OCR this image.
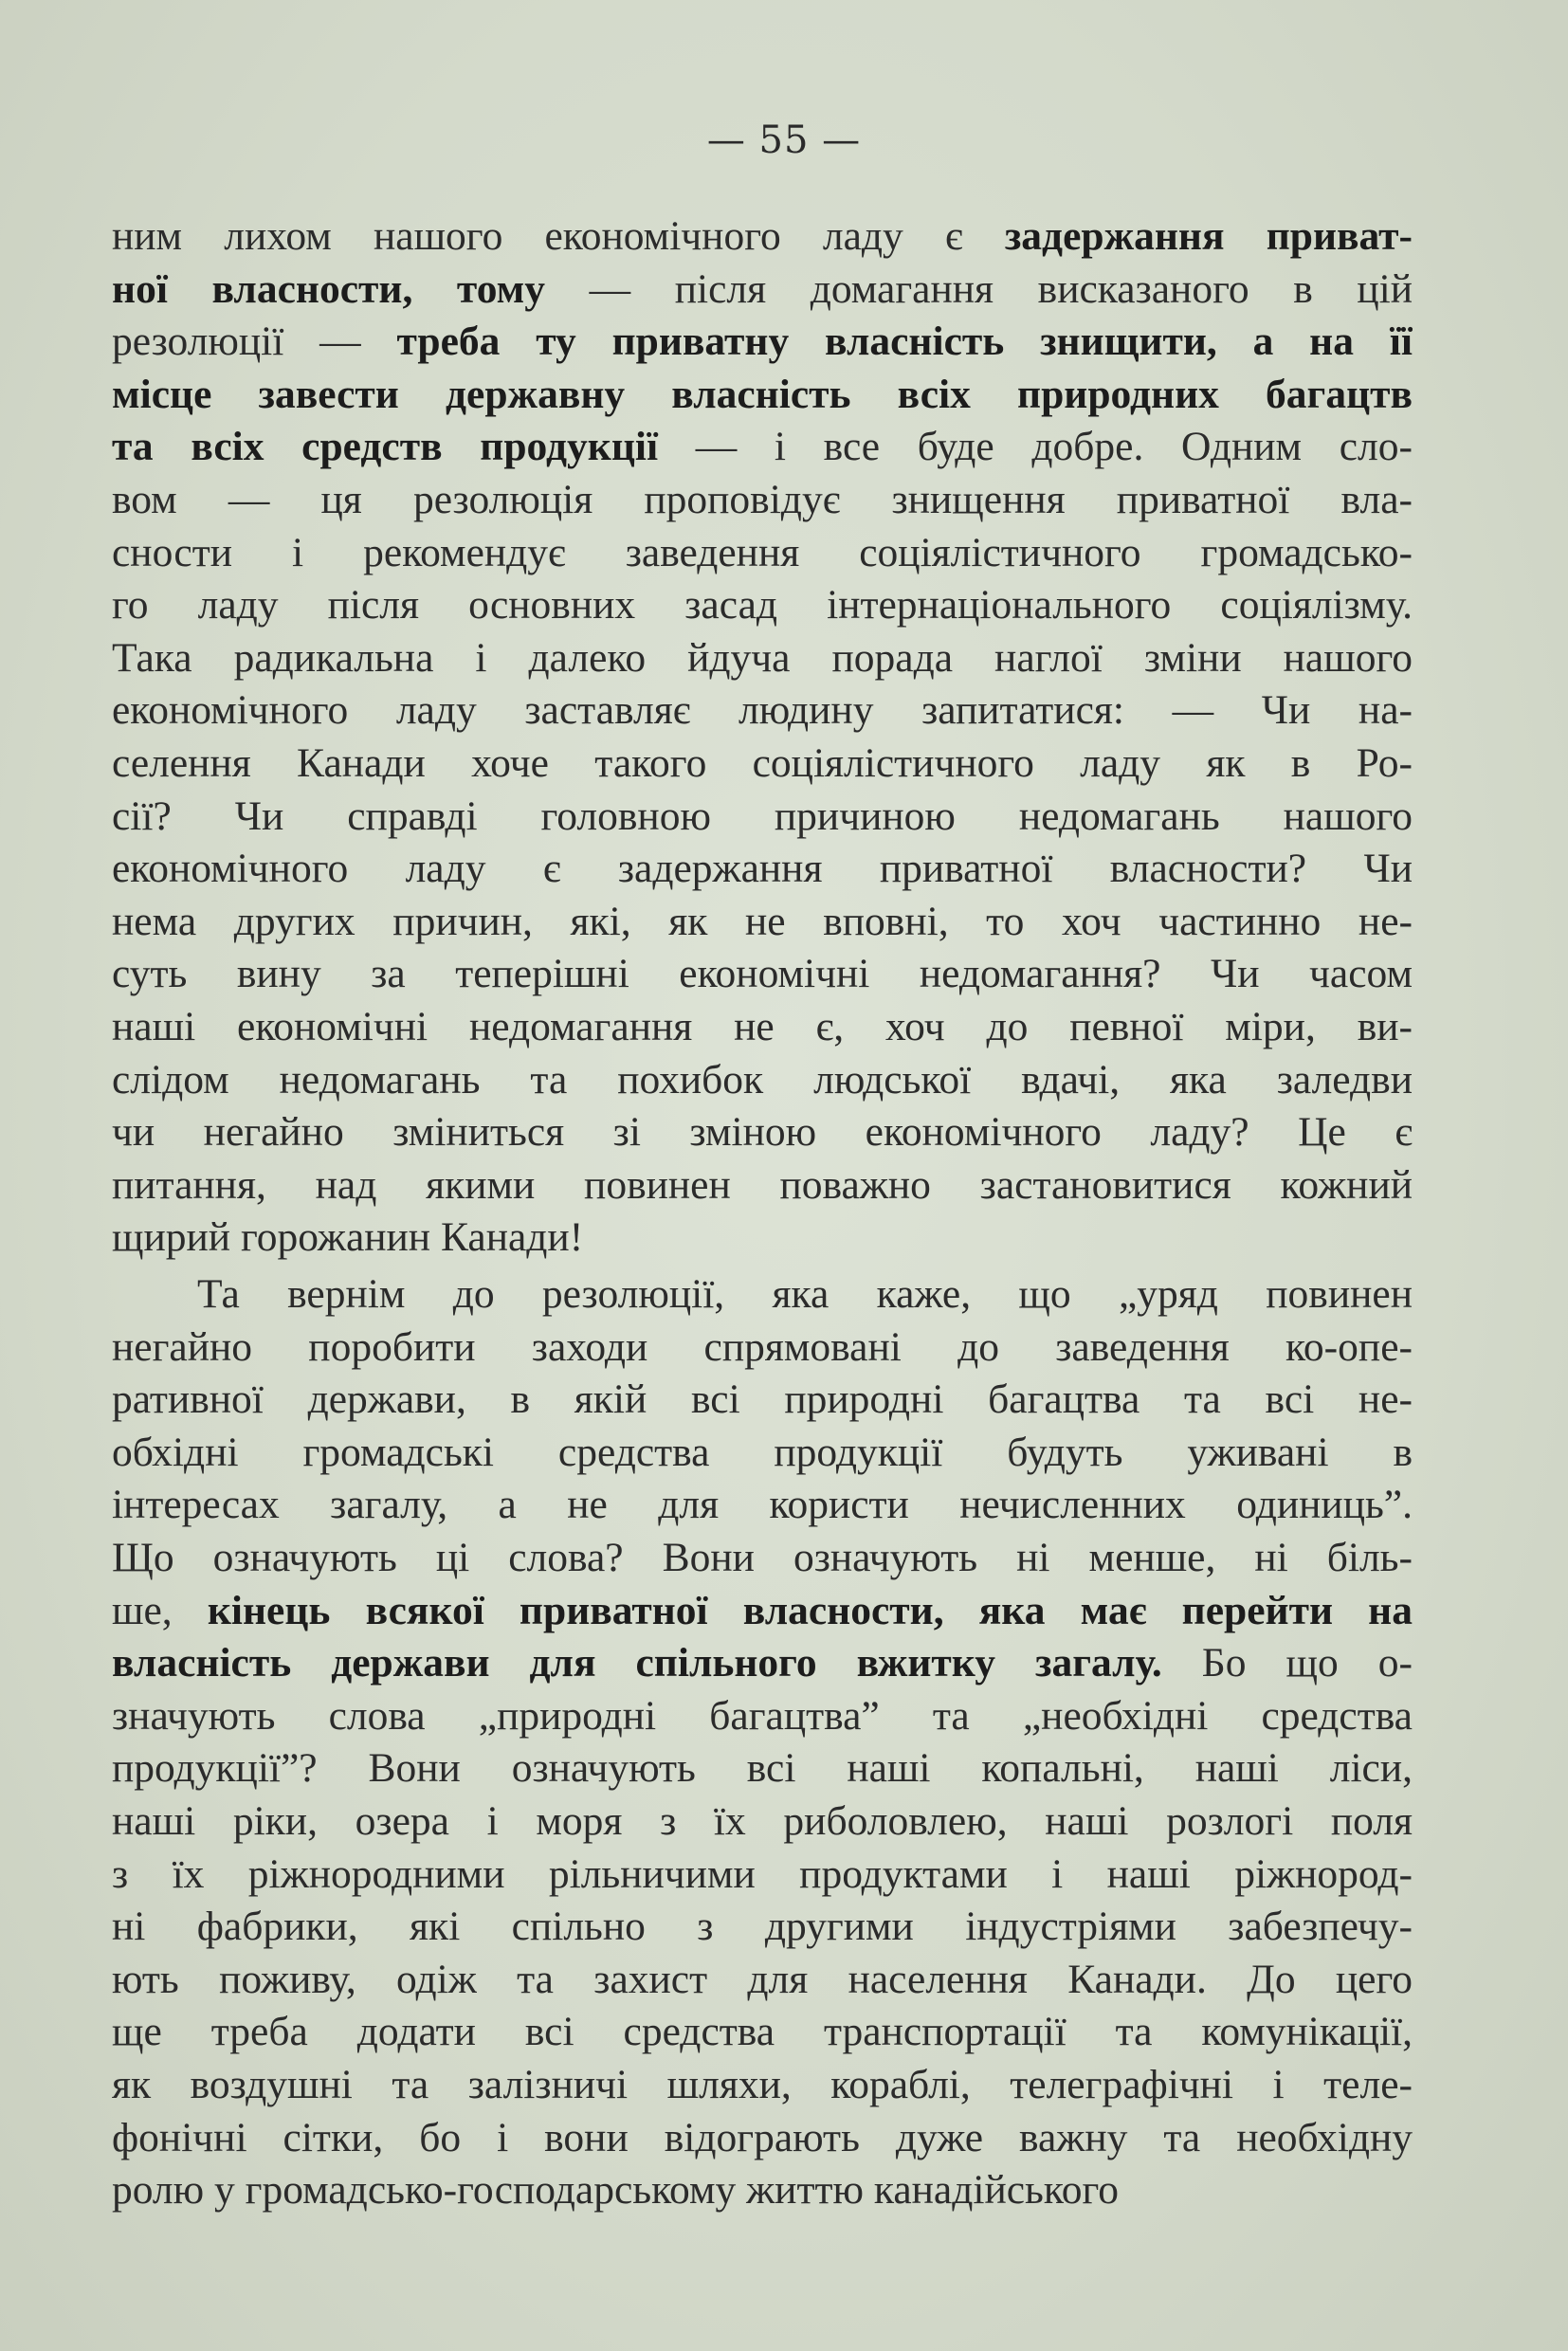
— 55 —
ним лихом нашого економічного ладу є задержання приват-
ної власности, тому — після домагання висказаного в цій
резолюції — треба ту приватну власність знищити, а на її
місце завести державну власність всіх природних багацтв
та всіх средств продукції — і все буде добре. Одним сло-
вом — ця резолюція проповідує знищення приватної вла-
сности і рекомендує заведення соціялістичного громадсько-
го ладу після основних засад інтернаціонального соціялізму.
Така радикальна і далеко йдуча порада наглої зміни нашого
економічного ладу заставляє людину запитатися: — Чи на-
селення Канади хоче такого соціялістичного ладу як в Ро-
сії? Чи справді головною причиною недомагань нашого
економічного ладу є задержання приватної власности? Чи
нема других причин, які, як не вповні, то хоч частинно не-
суть вину за теперішні економічні недомагання? Чи часом
наші економічні недомагання не є, хоч до певної міри, ви-
слідом недомагань та похибок людської вдачі, яка заледви
чи негайно зміниться зі зміною економічного ладу? Це є
питання, над якими повинен поважно застановитися кожний
щирий горожанин Канади!
Та вернім до резолюції, яка каже, що „уряд повинен
негайно поробити заходи спрямовані до заведення ко-опе-
ративної держави, в якій всі природні багацтва та всі не-
обхідні громадські средства продукції будуть уживані в
інтересах загалу, а не для користи нечисленних одиниць”.
Що означують ці слова? Вони означують ні менше, ні біль-
ше, кінець всякої приватної власности, яка має перейти на
власність держави для спільного вжитку загалу. Бо що о-
значують слова „природні багацтва” та „необхідні средства
продукції”? Вони означують всі наші копальні, наші ліси,
наші ріки, озера і моря з їх риболовлею, наші розлогі поля
з їх ріжнородними рільничими продуктами і наші ріжнород-
ні фабрики, які спільно з другими індустріями забезпечу-
ють поживу, одіж та захист для населення Канади. До цего
ще треба додати всі средства транспортації та комунікації,
як воздушні та залізничі шляхи, кораблі, телеграфічні і теле-
фонічні сітки, бо і вони відограють дуже важну та необхідну
ролю у громадсько-господарському життю канадійського
